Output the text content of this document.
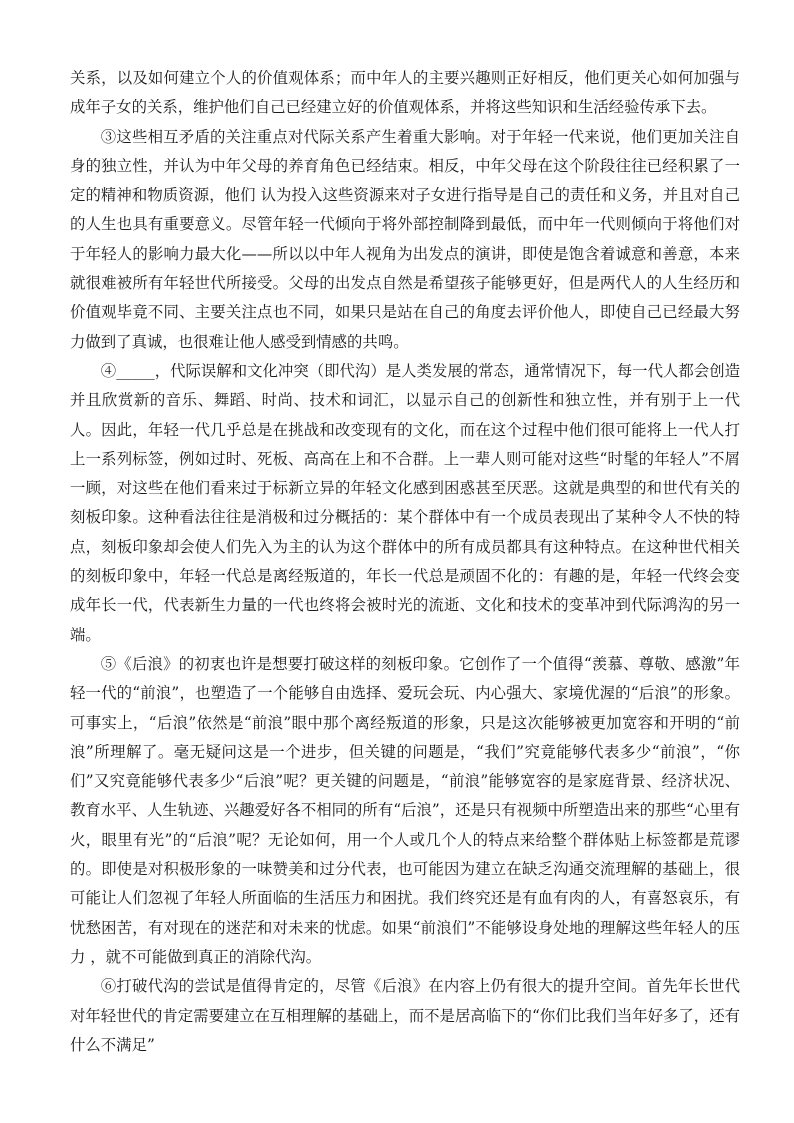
关系，以及如何建立个人的价值观体系；而中年人的主要兴趣则正好相反，他们更关心如何加强与成年子女的关系，维护他们自己已经建立好的价值观体系，并将这些知识和生活经验传承下去。

③这些相互矛盾的关注重点对代际关系产生着重大影响。对于年轻一代来说，他们更加关注自身的独立性，并认为中年父母的养育角色已经结束。相反，中年父母在这个阶段往往已经积累了一定的精神和物质资源，他们 认为投入这些资源来对子女进行指导是自己的责任和义务，并且对自己的人生也具有重要意义。尽管年轻一代倾向于将外部控制降到最低，而中年一代则倾向于将他们对于年轻人的影响力最大化——所以以中年人视角为出发点的演讲，即使是饱含着诚意和善意，本来就很难被所有年轻世代所接受。父母的出发点自然是希望孩子能够更好，但是两代人的人生经历和价值观毕竟不同、主要关注点也不同，如果只是站在自己的角度去评价他人，即使自己已经最大努力做到了真诚，也很难让他人感受到情感的共鸣。

④_____，代际误解和文化冲突（即代沟）是人类发展的常态，通常情况下，每一代人都会创造并且欣赏新的音乐、舞蹈、时尚、技术和词汇，以显示自己的创新性和独立性，并有别于上一代人。因此，年轻一代几乎总是在挑战和改变现有的文化，而在这个过程中他们很可能将上一代人打上一系列标签，例如过时、死板、高高在上和不合群。上一辈人则可能对这些“时髦的年轻人”不屑一顾，对这些在他们看来过于标新立异的年轻文化感到困惑甚至厌恶。这就是典型的和世代有关的刻板印象。这种看法往往是消极和过分概括的：某个群体中有一个成员表现出了某种令人不快的特点，刻板印象却会使人们先入为主的认为这个群体中的所有成员都具有这种特点。在这种世代相关的刻板印象中，年轻一代总是离经叛道的，年长一代总是顽固不化的：有趣的是，年轻一代终会变成年长一代，代表新生力量的一代也终将会被时光的流逝、文化和技术的变革冲到代际鸿沟的另一端。

⑤《后浪》的初衷也许是想要打破这样的刻板印象。它创作了一个值得“羡慕、尊敬、感激”年轻一代的“前浪”，也塑造了一个能够自由选择、爱玩会玩、内心强大、家境优渥的“后浪”的形象。可事实上，“后浪”依然是“前浪”眼中那个离经叛道的形象，只是这次能够被更加宽容和开明的“前浪”所理解了。毫无疑问这是一个进步，但关键的问题是，“我们”究竟能够代表多少“前浪”，“你们”又究竟能够代表多少“后浪”呢？更关键的问题是，“前浪”能够宽容的是家庭背景、经济状况、教育水平、人生轨迹、兴趣爱好各不相同的所有“后浪”，还是只有视频中所塑造出来的那些“心里有火，眼里有光”的“后浪”呢？无论如何，用一个人或几个人的特点来给整个群体贴上标签都是荒谬的。即使是对积极形象的一味赞美和过分代表，也可能因为建立在缺乏沟通交流理解的基础上，很可能让人们忽视了年轻人所面临的生活压力和困扰。我们终究还是有血有肉的人，有喜怒哀乐，有忧愁困苦，有对现在的迷茫和对未来的忧虑。如果“前浪们”不能够设身处地的理解这些年轻人的压力 ，就不可能做到真正的消除代沟。

⑥打破代沟的尝试是值得肯定的，尽管《后浪》在内容上仍有很大的提升空间。首先年长世代对年轻世代的肯定需要建立在互相理解的基础上，而不是居高临下的“你们比我们当年好多了，还有什么不满足”
